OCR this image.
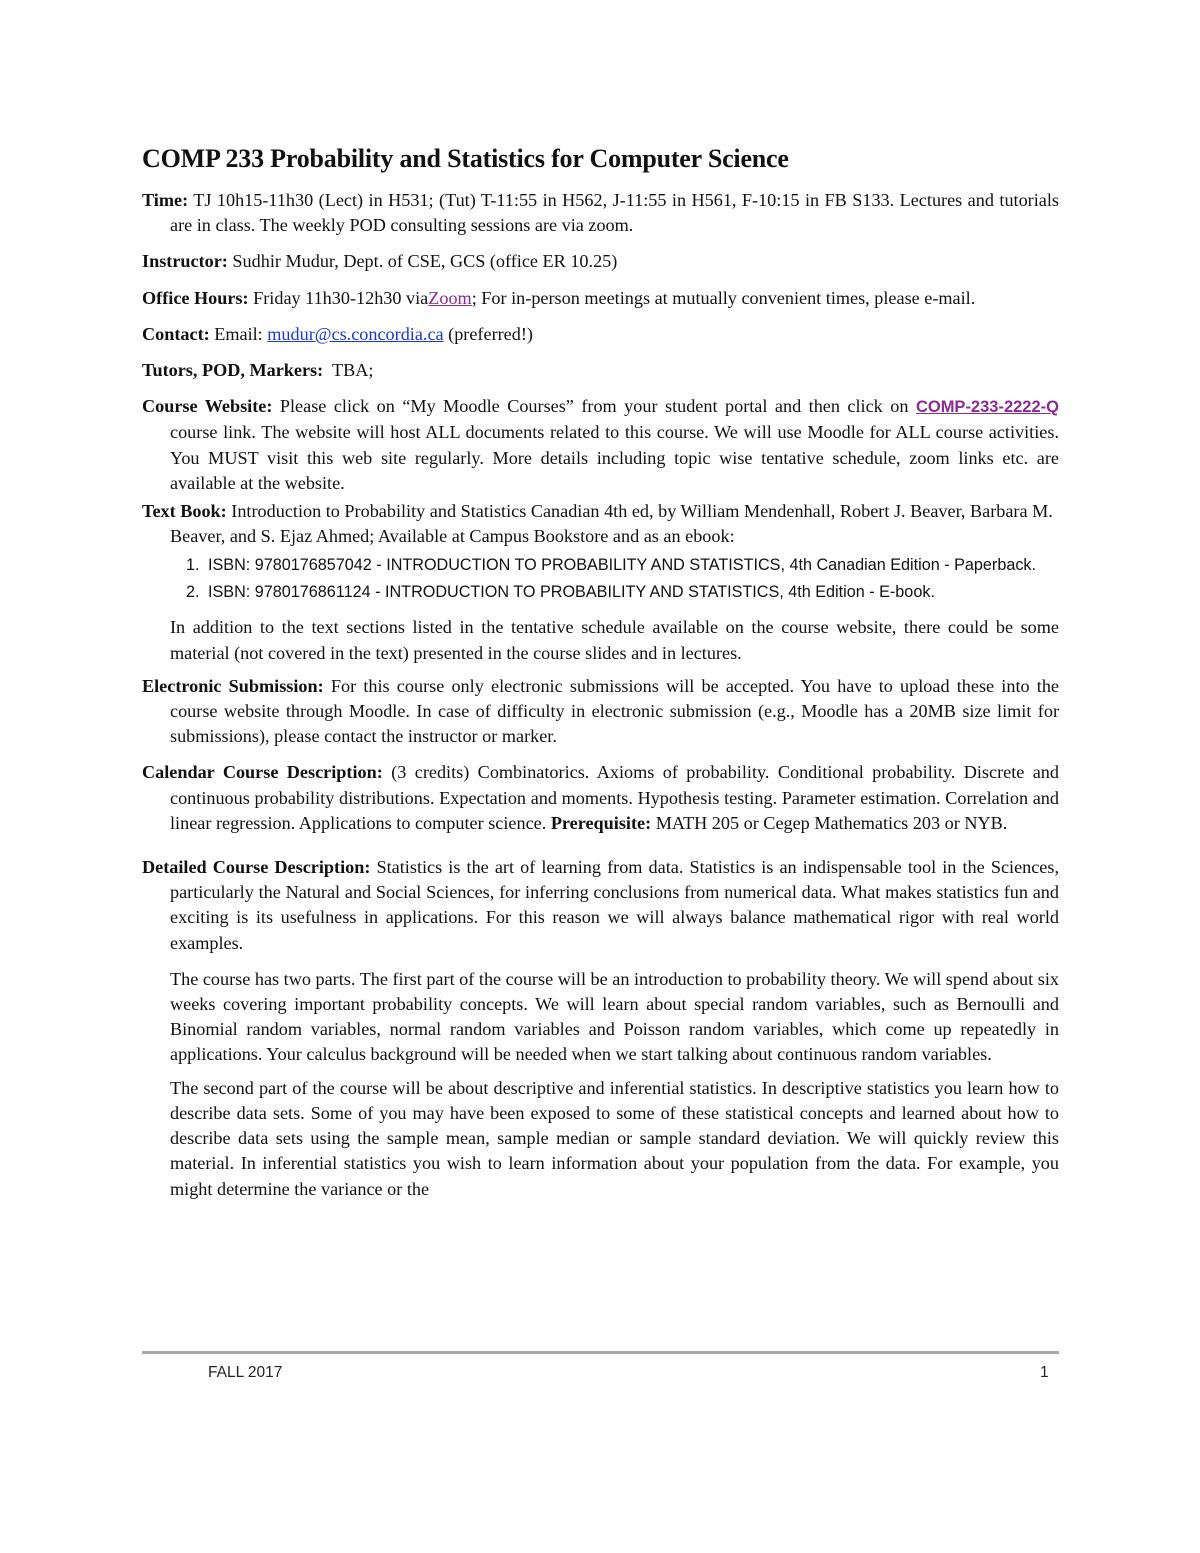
COMP 233 Probability and Statistics for Computer Science

Time: TJ 10h15-11h30 (Lect) in H531; (Tut) T-11:55 in H562, J-11:55 in H561, F-10:15 in FB S133. Lectures and tutorials are in class. The weekly POD consulting sessions are via zoom.

Instructor: Sudhir Mudur, Dept. of CSE, GCS (office ER 10.25)

Office Hours: Friday 11h30-12h30 viaZoom; For in-person meetings at mutually convenient times, please e-mail.

Contact: Email: mudur@cs.concordia.ca (preferred!)

Tutors, POD, Markers: TBA;

Course Website: Please click on “My Moodle Courses” from your student portal and then click on COMP-233-2222-Q course link. The website will host ALL documents related to this course. We will use Moodle for ALL course activities. You MUST visit this web site regularly. More details including topic wise tentative schedule, zoom links etc. are available at the website.

Text Book: Introduction to Probability and Statistics Canadian 4th ed, by William Mendenhall, Robert J. Beaver, Barbara M. Beaver, and S. Ejaz Ahmed; Available at Campus Bookstore and as an ebook:

1. ISBN: 9780176857042 - INTRODUCTION TO PROBABILITY AND STATISTICS, 4th Canadian Edition - Paperback.
2. ISBN: 9780176861124 - INTRODUCTION TO PROBABILITY AND STATISTICS, 4th Edition - E-book.

In addition to the text sections listed in the tentative schedule available on the course website, there could be some material (not covered in the text) presented in the course slides and in lectures.

Electronic Submission: For this course only electronic submissions will be accepted. You have to upload these into the course website through Moodle. In case of difficulty in electronic submission (e.g., Moodle has a 20MB size limit for submissions), please contact the instructor or marker.

Calendar Course Description: (3 credits) Combinatorics. Axioms of probability. Conditional probability. Discrete and continuous probability distributions. Expectation and moments. Hypothesis testing. Parameter estimation. Correlation and linear regression. Applications to computer science. Prerequisite: MATH 205 or Cegep Mathematics 203 or NYB.

Detailed Course Description: Statistics is the art of learning from data. Statistics is an indispensable tool in the Sciences, particularly the Natural and Social Sciences, for inferring conclusions from numerical data. What makes statistics fun and exciting is its usefulness in applications. For this reason we will always balance mathematical rigor with real world examples.

The course has two parts. The first part of the course will be an introduction to probability theory. We will spend about six weeks covering important probability concepts. We will learn about special random variables, such as Bernoulli and Binomial random variables, normal random variables and Poisson random variables, which come up repeatedly in applications. Your calculus background will be needed when we start talking about continuous random variables.

The second part of the course will be about descriptive and inferential statistics. In descriptive statistics you learn how to describe data sets. Some of you may have been exposed to some of these statistical concepts and learned about how to describe data sets using the sample mean, sample median or sample standard deviation. We will quickly review this material. In inferential statistics you wish to learn information about your population from the data. For example, you might determine the variance or the

FALL 2017	1
